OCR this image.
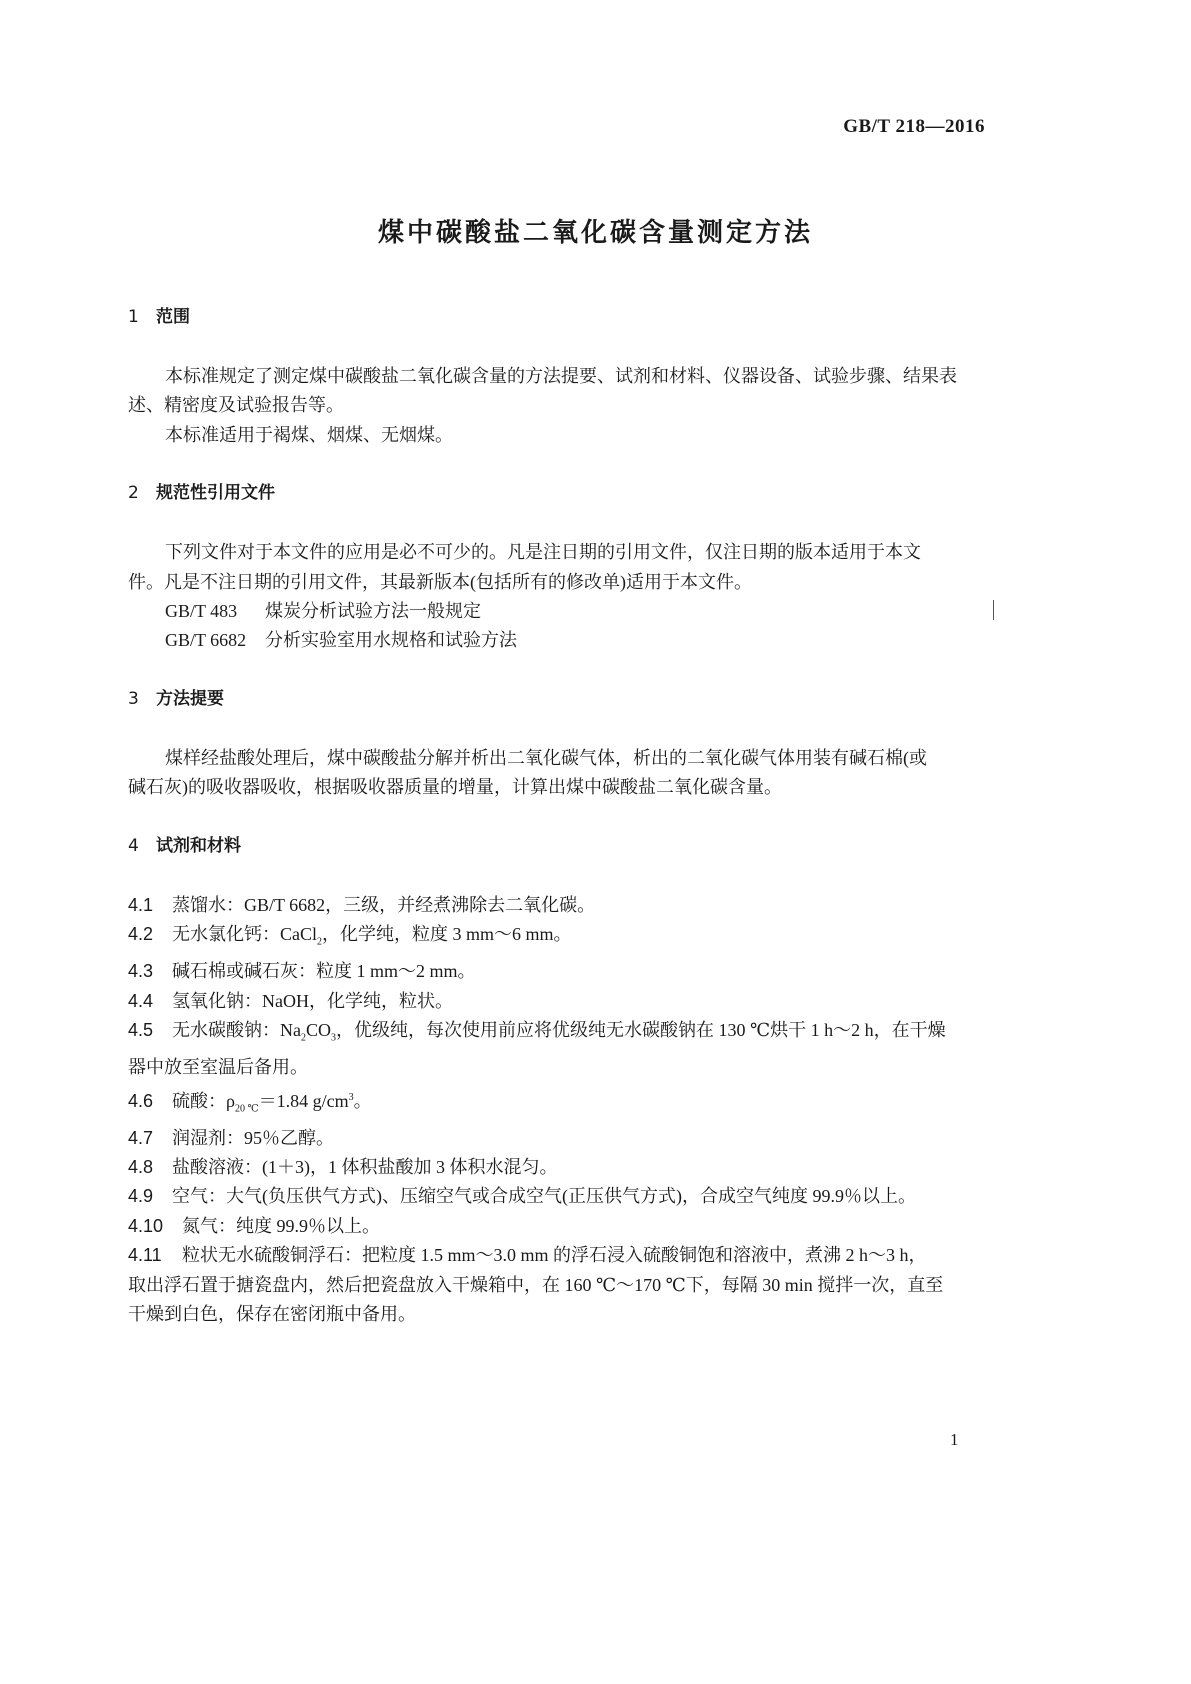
GB/T 218—2016
煤中碳酸盐二氧化碳含量测定方法
1 范围
本标准规定了测定煤中碳酸盐二氧化碳含量的方法提要、试剂和材料、仪器设备、试验步骤、结果表
述、精密度及试验报告等。
本标准适用于褐煤、烟煤、无烟煤。
2 规范性引用文件
下列文件对于本文件的应用是必不可少的。凡是注日期的引用文件，仅注日期的版本适用于本文
件。凡是不注日期的引用文件，其最新版本(包括所有的修改单)适用于本文件。
GB/T 483 煤炭分析试验方法一般规定
GB/T 6682 分析实验室用水规格和试验方法
3 方法提要
煤样经盐酸处理后，煤中碳酸盐分解并析出二氧化碳气体，析出的二氧化碳气体用装有碱石棉(或
碱石灰)的吸收器吸收，根据吸收器质量的增量，计算出煤中碳酸盐二氧化碳含量。
4 试剂和材料
4.1 蒸馏水：GB/T 6682，三级，并经煮沸除去二氧化碳。
4.2 无水氯化钙：CaCl$_2$，化学纯，粒度 3 mm～6 mm。
4.3 碱石棉或碱石灰：粒度 1 mm～2 mm。
4.4 氢氧化钠：NaOH，化学纯，粒状。
4.5 无水碳酸钠：$Na_2CO_3$，优级纯，每次使用前应将优级纯无水碳酸钠在 130 ℃烘干 1 h～2 h，在干燥
器中放至室温后备用。
4.6 硫酸：$\rho_{20 ℃}=1.84$ $g/cm^3$。
4.7 润湿剂：95％乙醇。
4.8 盐酸溶液：(1＋3)，1 体积盐酸加 3 体积水混匀。
4.9 空气：大气(负压供气方式)、压缩空气或合成空气(正压供气方式)，合成空气纯度 99.9％以上。
4.10 氮气：纯度 99.9％以上。
4.11 粒状无水硫酸铜浮石：把粒度 1.5 mm～3.0 mm 的浮石浸入硫酸铜饱和溶液中，煮沸 2 h～3 h，
取出浮石置于搪瓷盘内，然后把瓷盘放入干燥箱中，在 160 ℃～170 ℃下，每隔 30 min 搅拌一次，直至
干燥到白色，保存在密闭瓶中备用。
1
